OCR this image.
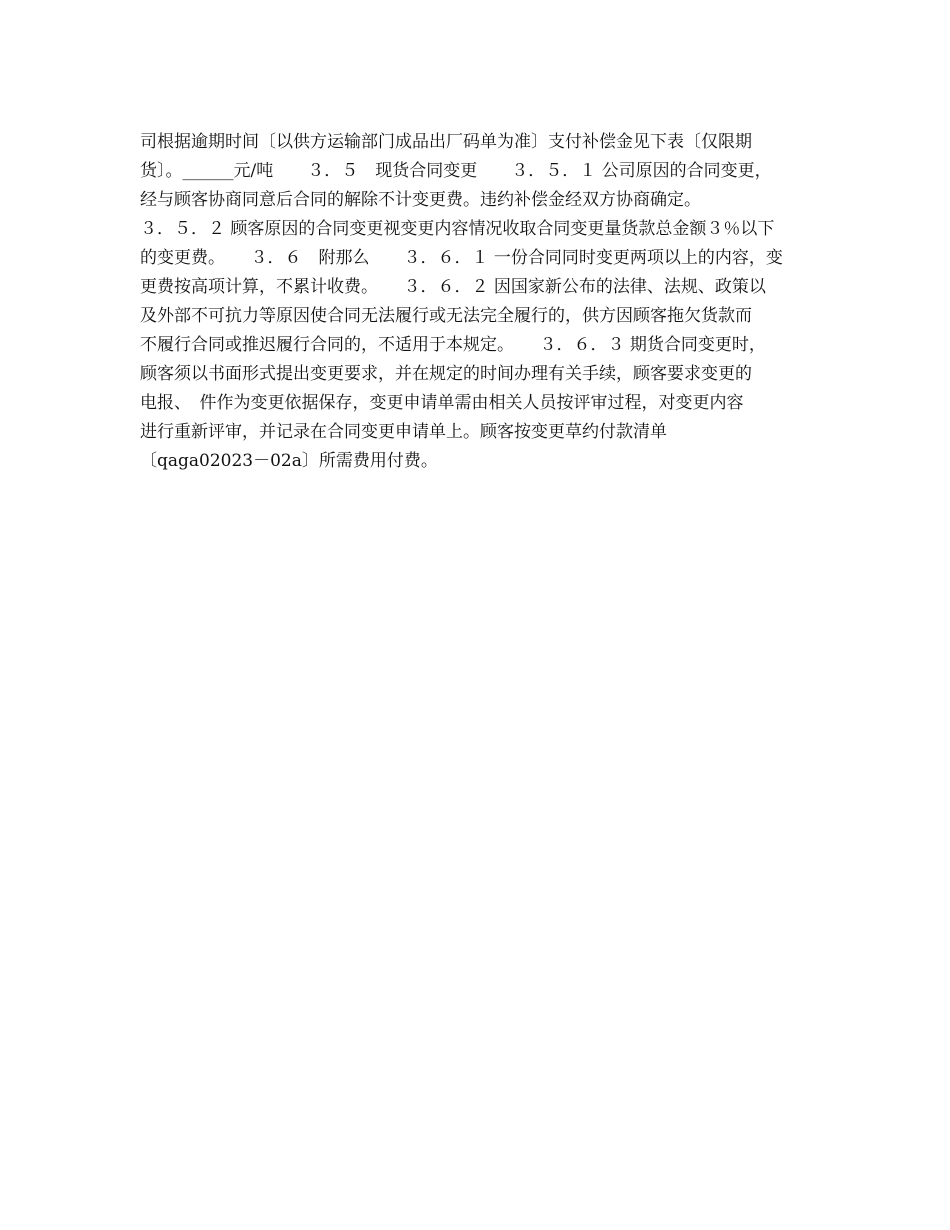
司根据逾期时间〔以供方运输部门成品出厂码单为准〕支付补偿金见下表〔仅限期
货〕。______元/吨　　３．５　现货合同变更　　３．５．１ 公司原因的合同变更，
经与顾客协商同意后合同的解除不计变更费。违约补偿金经双方协商确定。
３．５．２ 顾客原因的合同变更视变更内容情况收取合同变更量货款总金额３％以下
的变更费。　　３．６　附那么　　３．６．１ 一份合同同时变更两项以上的内容，变
更费按高项计算，不累计收费。　　３．６．２ 因国家新公布的法律、法规、政策以
及外部不可抗力等原因使合同无法履行或无法完全履行的，供方因顾客拖欠货款而
不履行合同或推迟履行合同的，不适用于本规定。　　３．６．３ 期货合同变更时，
顾客须以书面形式提出变更要求，并在规定的时间办理有关手续，顾客要求变更的
电报、　件作为变更依据保存，变更申请单需由相关人员按评审过程，对变更内容
进行重新评审，并记录在合同变更申请单上。顾客按变更草约付款清单
〔qaga02023－02a〕所需费用付费。
